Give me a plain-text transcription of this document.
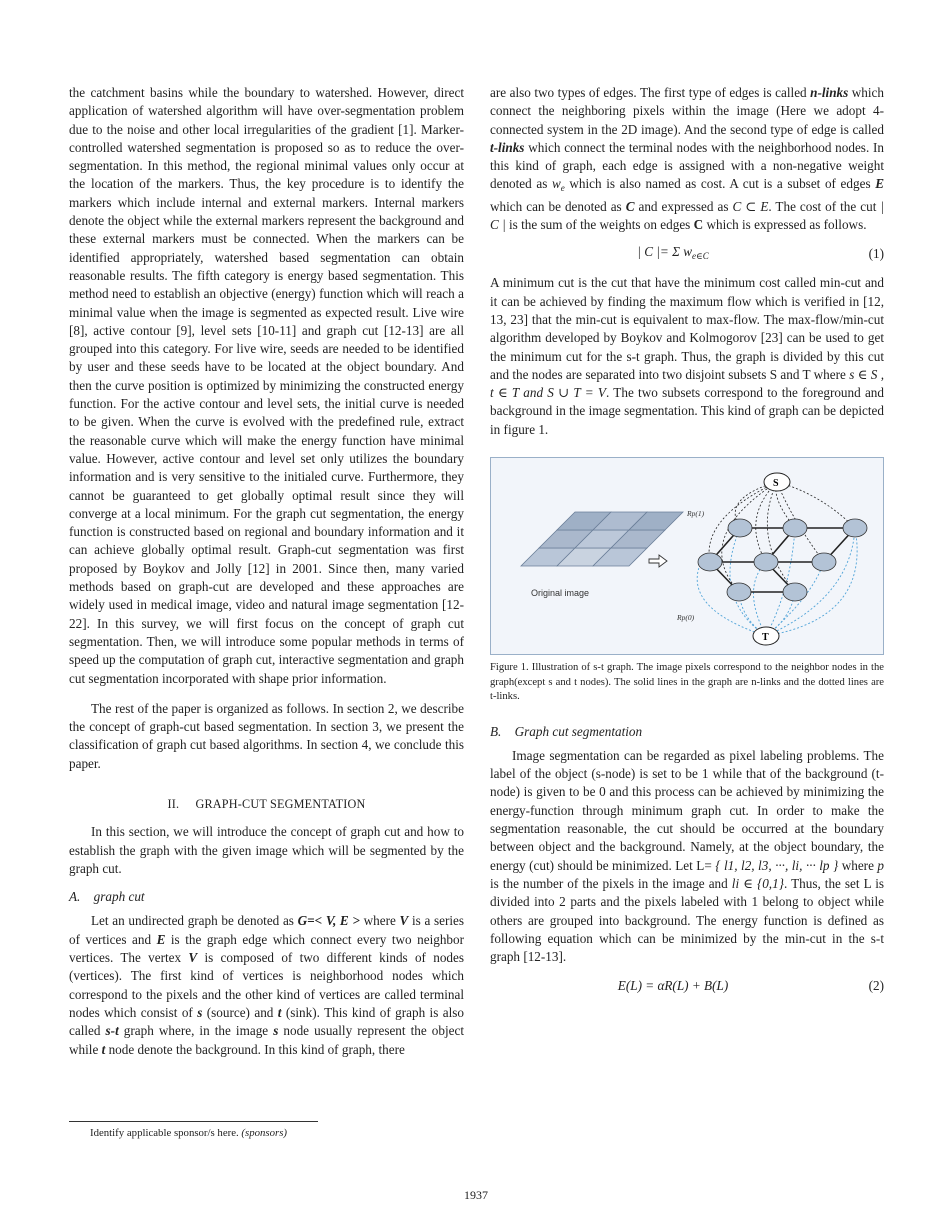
the catchment basins while the boundary to watershed. However, direct application of watershed algorithm will have over-segmentation problem due to the noise and other local irregularities of the gradient [1]. Marker-controlled watershed segmentation is proposed so as to reduce the over-segmentation. In this method, the regional minimal values only occur at the location of the markers. Thus, the key procedure is to identify the markers which include internal and external markers. Internal markers denote the object while the external markers represent the background and these external markers must be connected. When the markers can be identified appropriately, watershed based segmentation can obtain reasonable results. The fifth category is energy based segmentation. This method need to establish an objective (energy) function which will reach a minimal value when the image is segmented as expected result. Live wire [8], active contour [9], level sets [10-11] and graph cut [12-13] are all grouped into this category. For live wire, seeds are needed to be identified by user and these seeds have to be located at the object boundary. And then the curve position is optimized by minimizing the constructed energy function. For the active contour and level sets, the initial curve is needed to be given. When the curve is evolved with the predefined rule, extract the reasonable curve which will make the energy function have minimal value. However, active contour and level set only utilizes the boundary information and is very sensitive to the initialed curve. Furthermore, they cannot be guaranteed to get globally optimal result since they will converge at a local minimum. For the graph cut segmentation, the energy function is constructed based on regional and boundary information and it can achieve globally optimal result. Graph-cut segmentation was first proposed by Boykov and Jolly [12] in 2001. Since then, many varied methods based on graph-cut are developed and these approaches are widely used in medical image, video and natural image segmentation [12-22]. In this survey, we will first focus on the concept of graph cut segmentation. Then, we will introduce some popular methods in terms of speed up the computation of graph cut, interactive segmentation and graph cut segmentation incorporated with shape prior information.

The rest of the paper is organized as follows. In section 2, we describe the concept of graph-cut based segmentation. In section 3, we present the classification of graph cut based algorithms. In section 4, we conclude this paper.

II. GRAPH-CUT SEGMENTATION

In this section, we will introduce the concept of graph cut and how to establish the graph with the given image which will be segmented by the graph cut.

A. graph cut

Let an undirected graph be denoted as G=< V, E > where V is a series of vertices and E is the graph edge which connect every two neighbor vertices. The vertex V is composed of two different kinds of nodes (vertices). The first kind of vertices is neighborhood nodes which correspond to the pixels and the other kind of vertices are called terminal nodes which consist of s (source) and t (sink). This kind of graph is also called s-t graph where, in the image s node usually represent the object while t node denote the background. In this kind of graph, there

are also two types of edges. The first type of edges is called n-links which connect the neighboring pixels within the image (Here we adopt 4-connected system in the 2D image). And the second type of edge is called t-links which connect the terminal nodes with the neighborhood nodes. In this kind of graph, each edge is assigned with a non-negative weight denoted as $w_e$ which is also named as cost. A cut is a subset of edges E which can be denoted as C and expressed as C ⊂ E. The cost of the cut | C | is the sum of the weights on edges C which is expressed as follows.

| C |= Σ $w_{e\in C}$	(1)

A minimum cut is the cut that have the minimum cost called min-cut and it can be achieved by finding the maximum flow which is verified in [12, 13, 23] that the min-cut is equivalent to max-flow. The max-flow/min-cut algorithm developed by Boykov and Kolmogorov [23] can be used to get the minimum cut for the s-t graph. Thus, the graph is divided by this cut and the nodes are separated into two disjoint subsets S and T where s ∈ S , t ∈ T and S ∪ T = V. The two subsets correspond to the foreground and background in the image segmentation. This kind of graph can be depicted in figure 1.

Original image
S
T
Rp(1)
Rp(0)

Figure 1. Illustration of s-t graph. The image pixels correspond to the neighbor nodes in the graph(except s and t nodes). The solid lines in the graph are n-links and the dotted lines are t-links.

B. Graph cut segmentation

Image segmentation can be regarded as pixel labeling problems. The label of the object (s-node) is set to be 1 while that of the background (t-node) is given to be 0 and this process can be achieved by minimizing the energy-function through minimum graph cut. In order to make the segmentation reasonable, the cut should be occurred at the boundary between object and the background. Namely, at the object boundary, the energy (cut) should be minimized. Let L= { l1, l2, l3, ···, li, ··· lp } where p is the number of the pixels in the image and li ∈ {0,1}. Thus, the set L is divided into 2 parts and the pixels labeled with 1 belong to object while others are grouped into background. The energy function is defined as following equation which can be minimized by the min-cut in the s-t graph [12-13].

E(L) = αR(L) + B(L)	(2)
Identify applicable sponsor/s here. (sponsors)
1937
